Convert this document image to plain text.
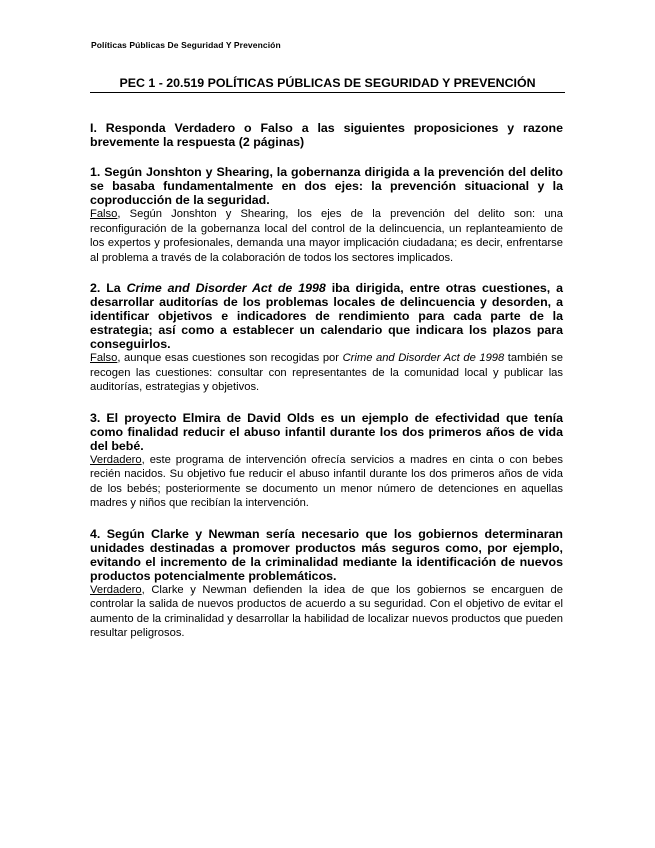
Políticas Públicas De Seguridad Y Prevención
PEC 1 - 20.519 POLÍTICAS PÚBLICAS DE SEGURIDAD Y PREVENCIÓN

I. Responda Verdadero o Falso a las siguientes proposiciones y razone brevemente la respuesta (2 páginas)

1. Según Jonshton y Shearing, la gobernanza dirigida a la prevención del delito se basaba fundamentalmente en dos ejes: la prevención situacional y la coproducción de la seguridad.

Falso, Según Jonshton y Shearing, los ejes de la prevención del delito son: una reconfiguración de la gobernanza local del control de la delincuencia, un replanteamiento de los expertos y profesionales, demanda una mayor implicación ciudadana; es decir, enfrentarse al problema a través de la colaboración de todos los sectores implicados.

2. La Crime and Disorder Act de 1998 iba dirigida, entre otras cuestiones, a desarrollar auditorías de los problemas locales de delincuencia y desorden, a identificar objetivos e indicadores de rendimiento para cada parte de la estrategia; así como a establecer un calendario que indicara los plazos para conseguirlos.

Falso, aunque esas cuestiones son recogidas por Crime and Disorder Act de 1998 también se recogen las cuestiones: consultar con representantes de la comunidad local y publicar las auditorías, estrategias y objetivos.

3. El proyecto Elmira de David Olds es un ejemplo de efectividad que tenía como finalidad reducir el abuso infantil durante los dos primeros años de vida del bebé.

Verdadero, este programa de intervención ofrecía servicios a madres en cinta o con bebes recién nacidos. Su objetivo fue reducir el abuso infantil durante los dos primeros años de vida de los bebés; posteriormente se documento un menor número de detenciones en aquellas madres y niños que recibían la intervención.

4. Según Clarke y Newman sería necesario que los gobiernos determinaran unidades destinadas a promover productos más seguros como, por ejemplo, evitando el incremento de la criminalidad mediante la identificación de nuevos productos potencialmente problemáticos.

Verdadero, Clarke y Newman defienden la idea de que los gobiernos se encarguen de controlar la salida de nuevos productos de acuerdo a su seguridad. Con el objetivo de evitar el aumento de la criminalidad y desarrollar la habilidad de localizar nuevos productos que pueden resultar peligrosos.
